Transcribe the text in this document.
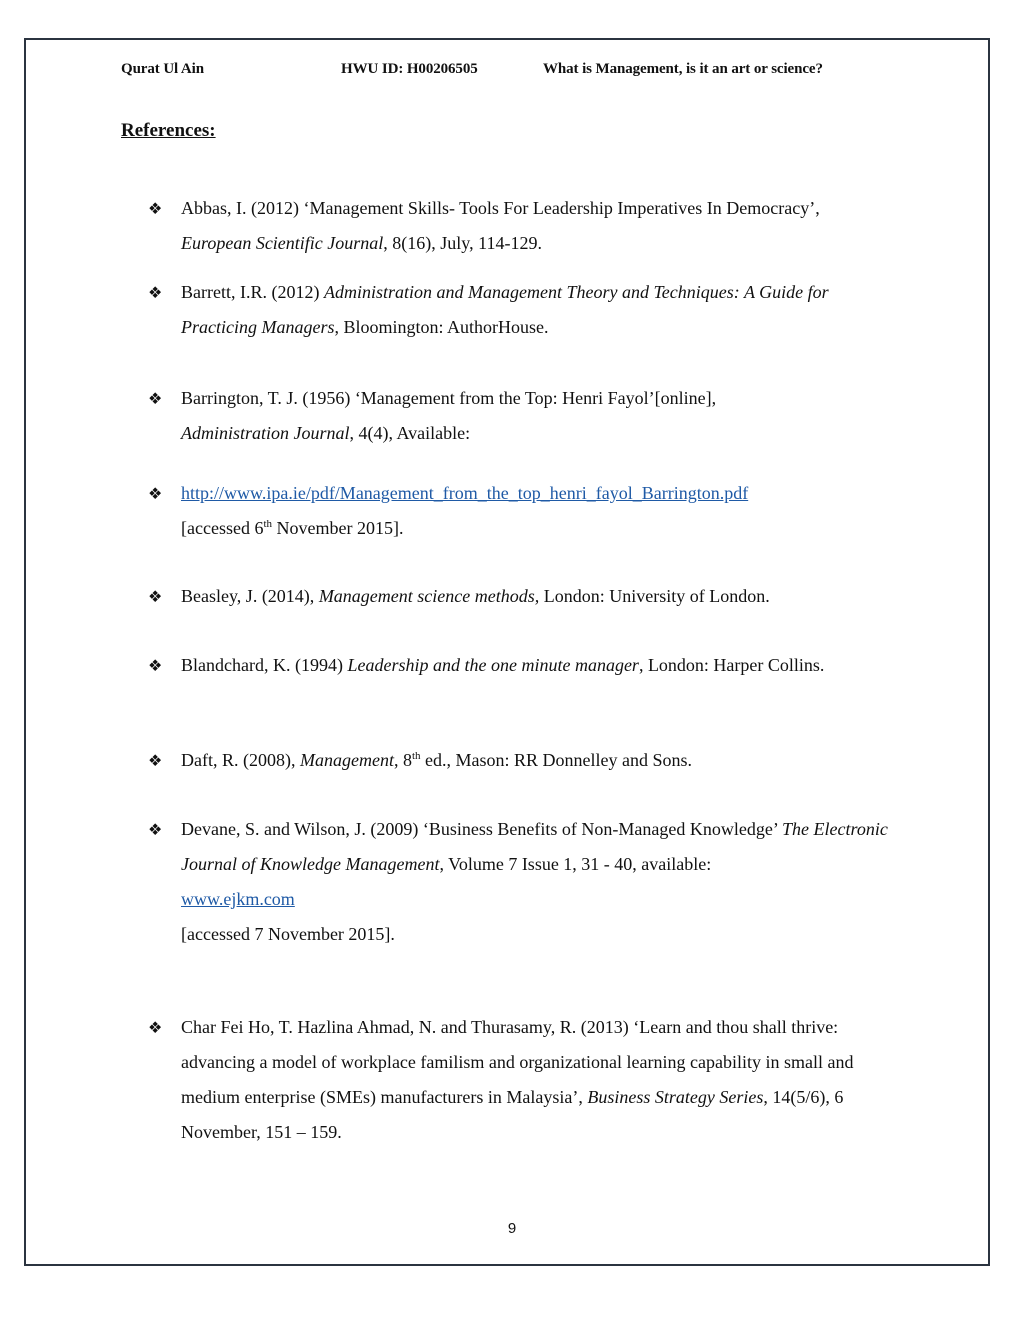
Qurat Ul Ain	HWU ID: H00206505	What is Management, is it an art or science?
References:
❖ Abbas, I. (2012) ‘Management Skills- Tools For Leadership Imperatives In Democracy’,
European Scientific Journal, 8(16), July, 114-129.
❖ Barrett, I.R. (2012) Administration and Management Theory and Techniques: A Guide for Practicing Managers, Bloomington: AuthorHouse.
❖ Barrington, T. J. (1956) ‘Management from the Top: Henri Fayol’[online],
Administration Journal, 4(4), Available:
❖ http://www.ipa.ie/pdf/Management_from_the_top_henri_fayol_Barrington.pdf
[accessed 6th November 2015].
❖ Beasley, J. (2014), Management science methods, London: University of London.
❖ Blandchard, K. (1994) Leadership and the one minute manager, London: Harper Collins.
❖ Daft, R. (2008), Management, 8th ed., Mason: RR Donnelley and Sons.
❖ Devane, S. and Wilson, J. (2009) ‘Business Benefits of Non-Managed Knowledge’ The Electronic Journal of Knowledge Management, Volume 7 Issue 1, 31 - 40, available:
www.ejkm.com
[accessed 7 November 2015].
❖ Char Fei Ho, T. Hazlina Ahmad, N. and Thurasamy, R. (2013) ‘Learn and thou shall thrive: advancing a model of workplace familism and organizational learning capability in small and medium enterprise (SMEs) manufacturers in Malaysia’, Business Strategy Series, 14(5/6), 6 November, 151 – 159.
9
